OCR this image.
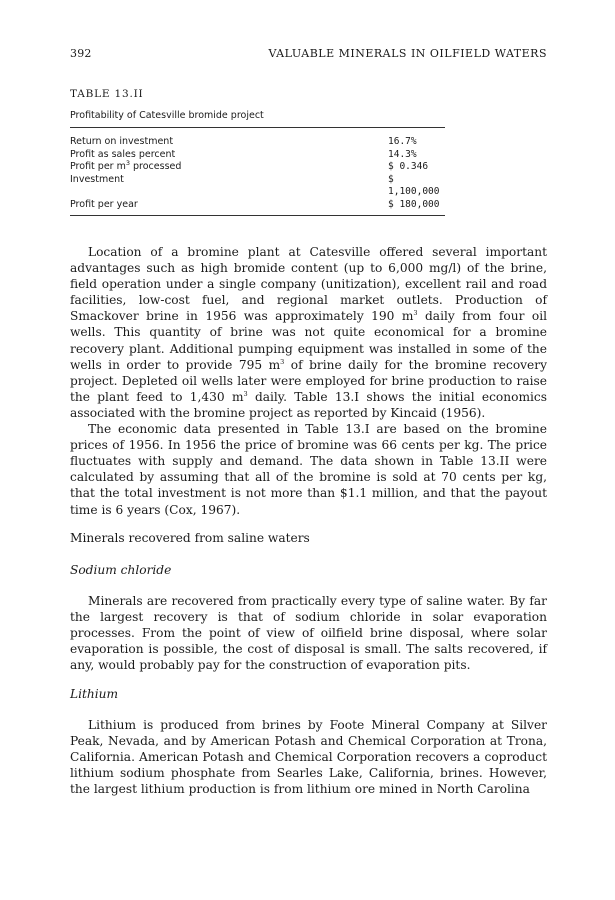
392	VALUABLE MINERALS IN OILFIELD WATERS
TABLE 13.II
Profitability of Catesville bromide project
Return on investment	16.7%
Profit as sales percent	14.3%
Profit per $m^3$ processed	$ 0.346
Investment	$ 1,100,000
Profit per year	$ 180,000

Location of a bromine plant at Catesville offered several important advantages such as high bromide content (up to 6,000 mg/l) of the brine, field operation under a single company (unitization), excellent rail and road facilities, low-cost fuel, and regional market outlets. Production of Smackover brine in 1956 was approximately 190 $m^3$ daily from four oil wells. This quantity of brine was not quite economical for a bromine recovery plant. Additional pumping equipment was installed in some of the wells in order to provide 795 $m^3$ of brine daily for the bromine recovery project. Depleted oil wells later were employed for brine production to raise the plant feed to 1,430 $m^3$ daily. Table 13.I shows the initial economics associated with the bromine project as reported by Kincaid (1956).

The economic data presented in Table 13.I are based on the bromine prices of 1956. In 1956 the price of bromine was 66 cents per kg. The price fluctuates with supply and demand. The data shown in Table 13.II were calculated by assuming that all of the bromine is sold at 70 cents per kg, that the total investment is not more than $1.1 million, and that the payout time is 6 years (Cox, 1967).

Minerals recovered from saline waters
Sodium chloride

Minerals are recovered from practically every type of saline water. By far the largest recovery is that of sodium chloride in solar evaporation processes. From the point of view of oilfield brine disposal, where solar evaporation is possible, the cost of disposal is small. The salts recovered, if any, would probably pay for the construction of evaporation pits.

Lithium

Lithium is produced from brines by Foote Mineral Company at Silver Peak, Nevada, and by American Potash and Chemical Corporation at Trona, California. American Potash and Chemical Corporation recovers a coproduct lithium sodium phosphate from Searles Lake, California, brines. However, the largest lithium production is from lithium ore mined in North Carolina
